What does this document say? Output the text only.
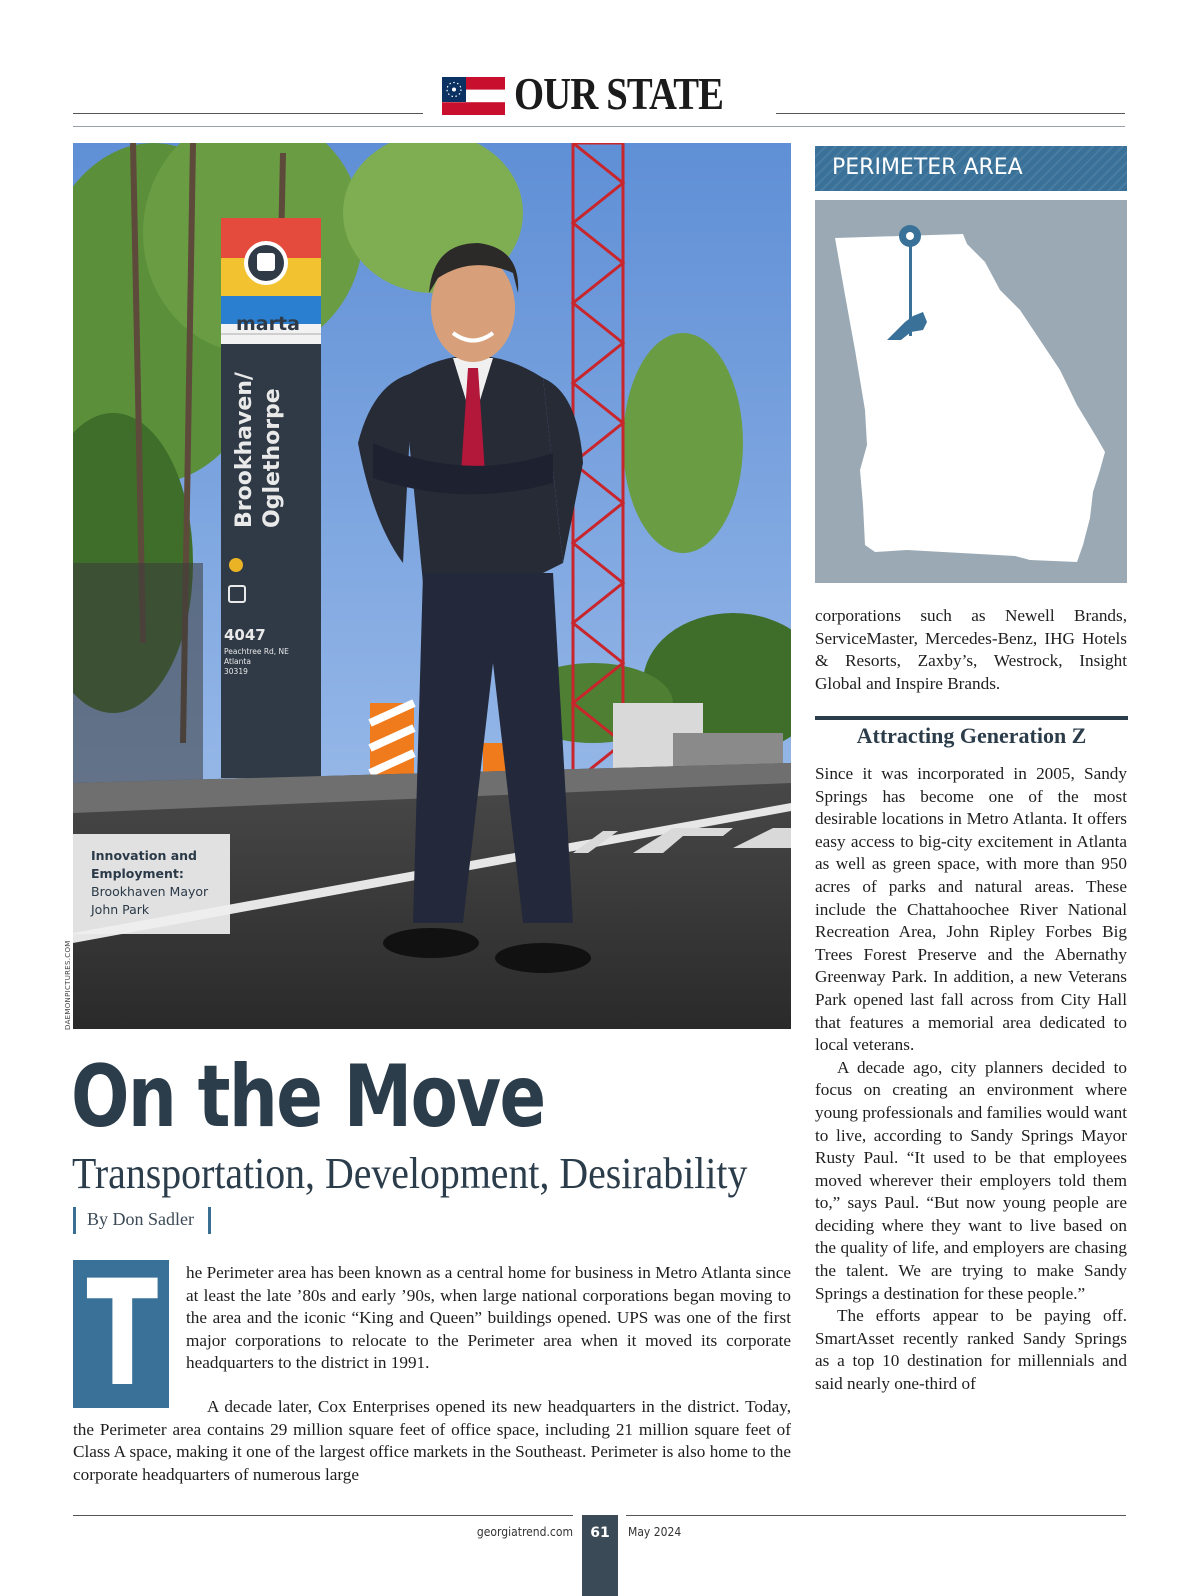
OUR STATE
marta
Brookhaven/ Oglethorpe
4047
Peachtree Rd, NE
Atlanta
30319
Innovation and Employment:
Brookhaven Mayor John Park
DAEMONPICTURES.COM
On the Move
Transportation, Development, Desirability
By Don Sadler
T he Perimeter area has been known as a central home for business in Metro Atlanta since at least the late ’80s and early ’90s, when large national corporations began moving to the area and the iconic “King and Queen” buildings opened. UPS was one of the first major corporations to relocate to the Perimeter area when it moved its corporate headquarters to the district in 1991.

A decade later, Cox Enterprises opened its new headquarters in the district. Today, the Perimeter area contains 29 million square feet of office space, including 21 million square feet of Class A space, making it one of the largest office markets in the Southeast. Perimeter is also home to the corporate headquarters of numerous large

PERIMETER AREA

corporations such as Newell Brands, ServiceMaster, Mercedes-Benz, IHG Hotels & Resorts, Zaxby’s, Westrock, Insight Global and Inspire Brands.

Attracting Generation Z

Since it was incorporated in 2005, Sandy Springs has become one of the most desirable locations in Metro Atlanta. It offers easy access to big-city excitement in Atlanta as well as green space, with more than 950 acres of parks and natural areas. These include the Chattahoochee River National Recreation Area, John Ripley Forbes Big Trees Forest Preserve and the Abernathy Greenway Park. In addition, a new Veterans Park opened last fall across from City Hall that features a memorial area dedicated to local veterans.

A decade ago, city planners decided to focus on creating an environment where young professionals and families would want to live, according to Sandy Springs Mayor Rusty Paul. “It used to be that employees moved wherever their employers told them to,” says Paul. “But now young people are deciding where they want to live based on the quality of life, and employers are chasing the talent. We are trying to make Sandy Springs a destination for these people.”

The efforts appear to be paying off. SmartAsset recently ranked Sandy Springs as a top 10 destination for millennials and said nearly one-third of

georgiatrend.com	61	May 2024
